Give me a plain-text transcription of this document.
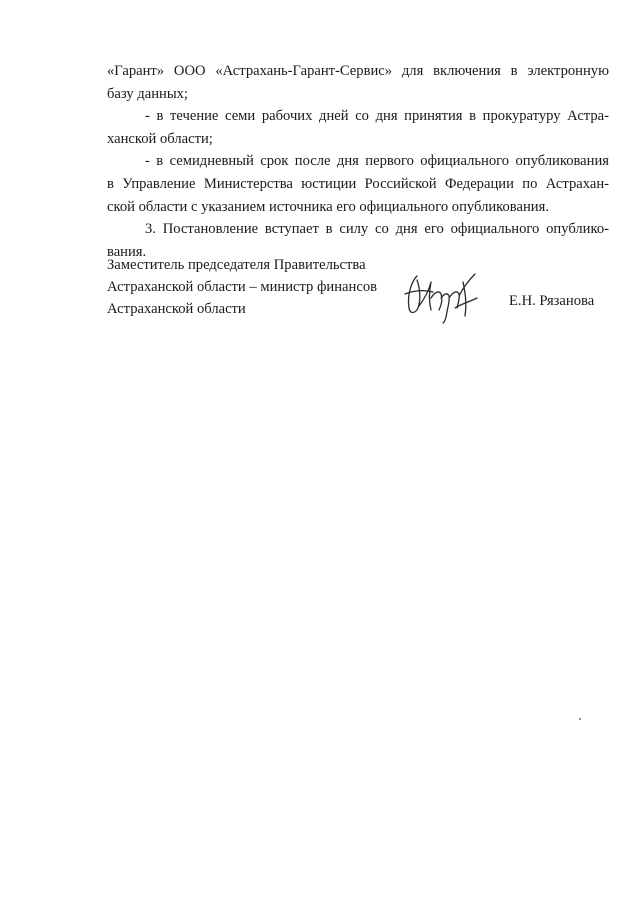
«Гарант» ООО «Астрахань-Гарант-Сервис» для включения в электронную
базу данных;

- в течение семи рабочих дней со дня принятия в прокуратуру Астра-
ханской области;

- в семидневный срок после дня первого официального опубликования
в Управление Министерства юстиции Российской Федерации по Астрахан-
ской области с указанием источника его официального опубликования.

3. Постановление вступает в силу со дня его официального опублико-
вания.

Заместитель председателя Правительства
Астраханской области – министр финансов
Астраханской области	Е.Н. Рязанова
